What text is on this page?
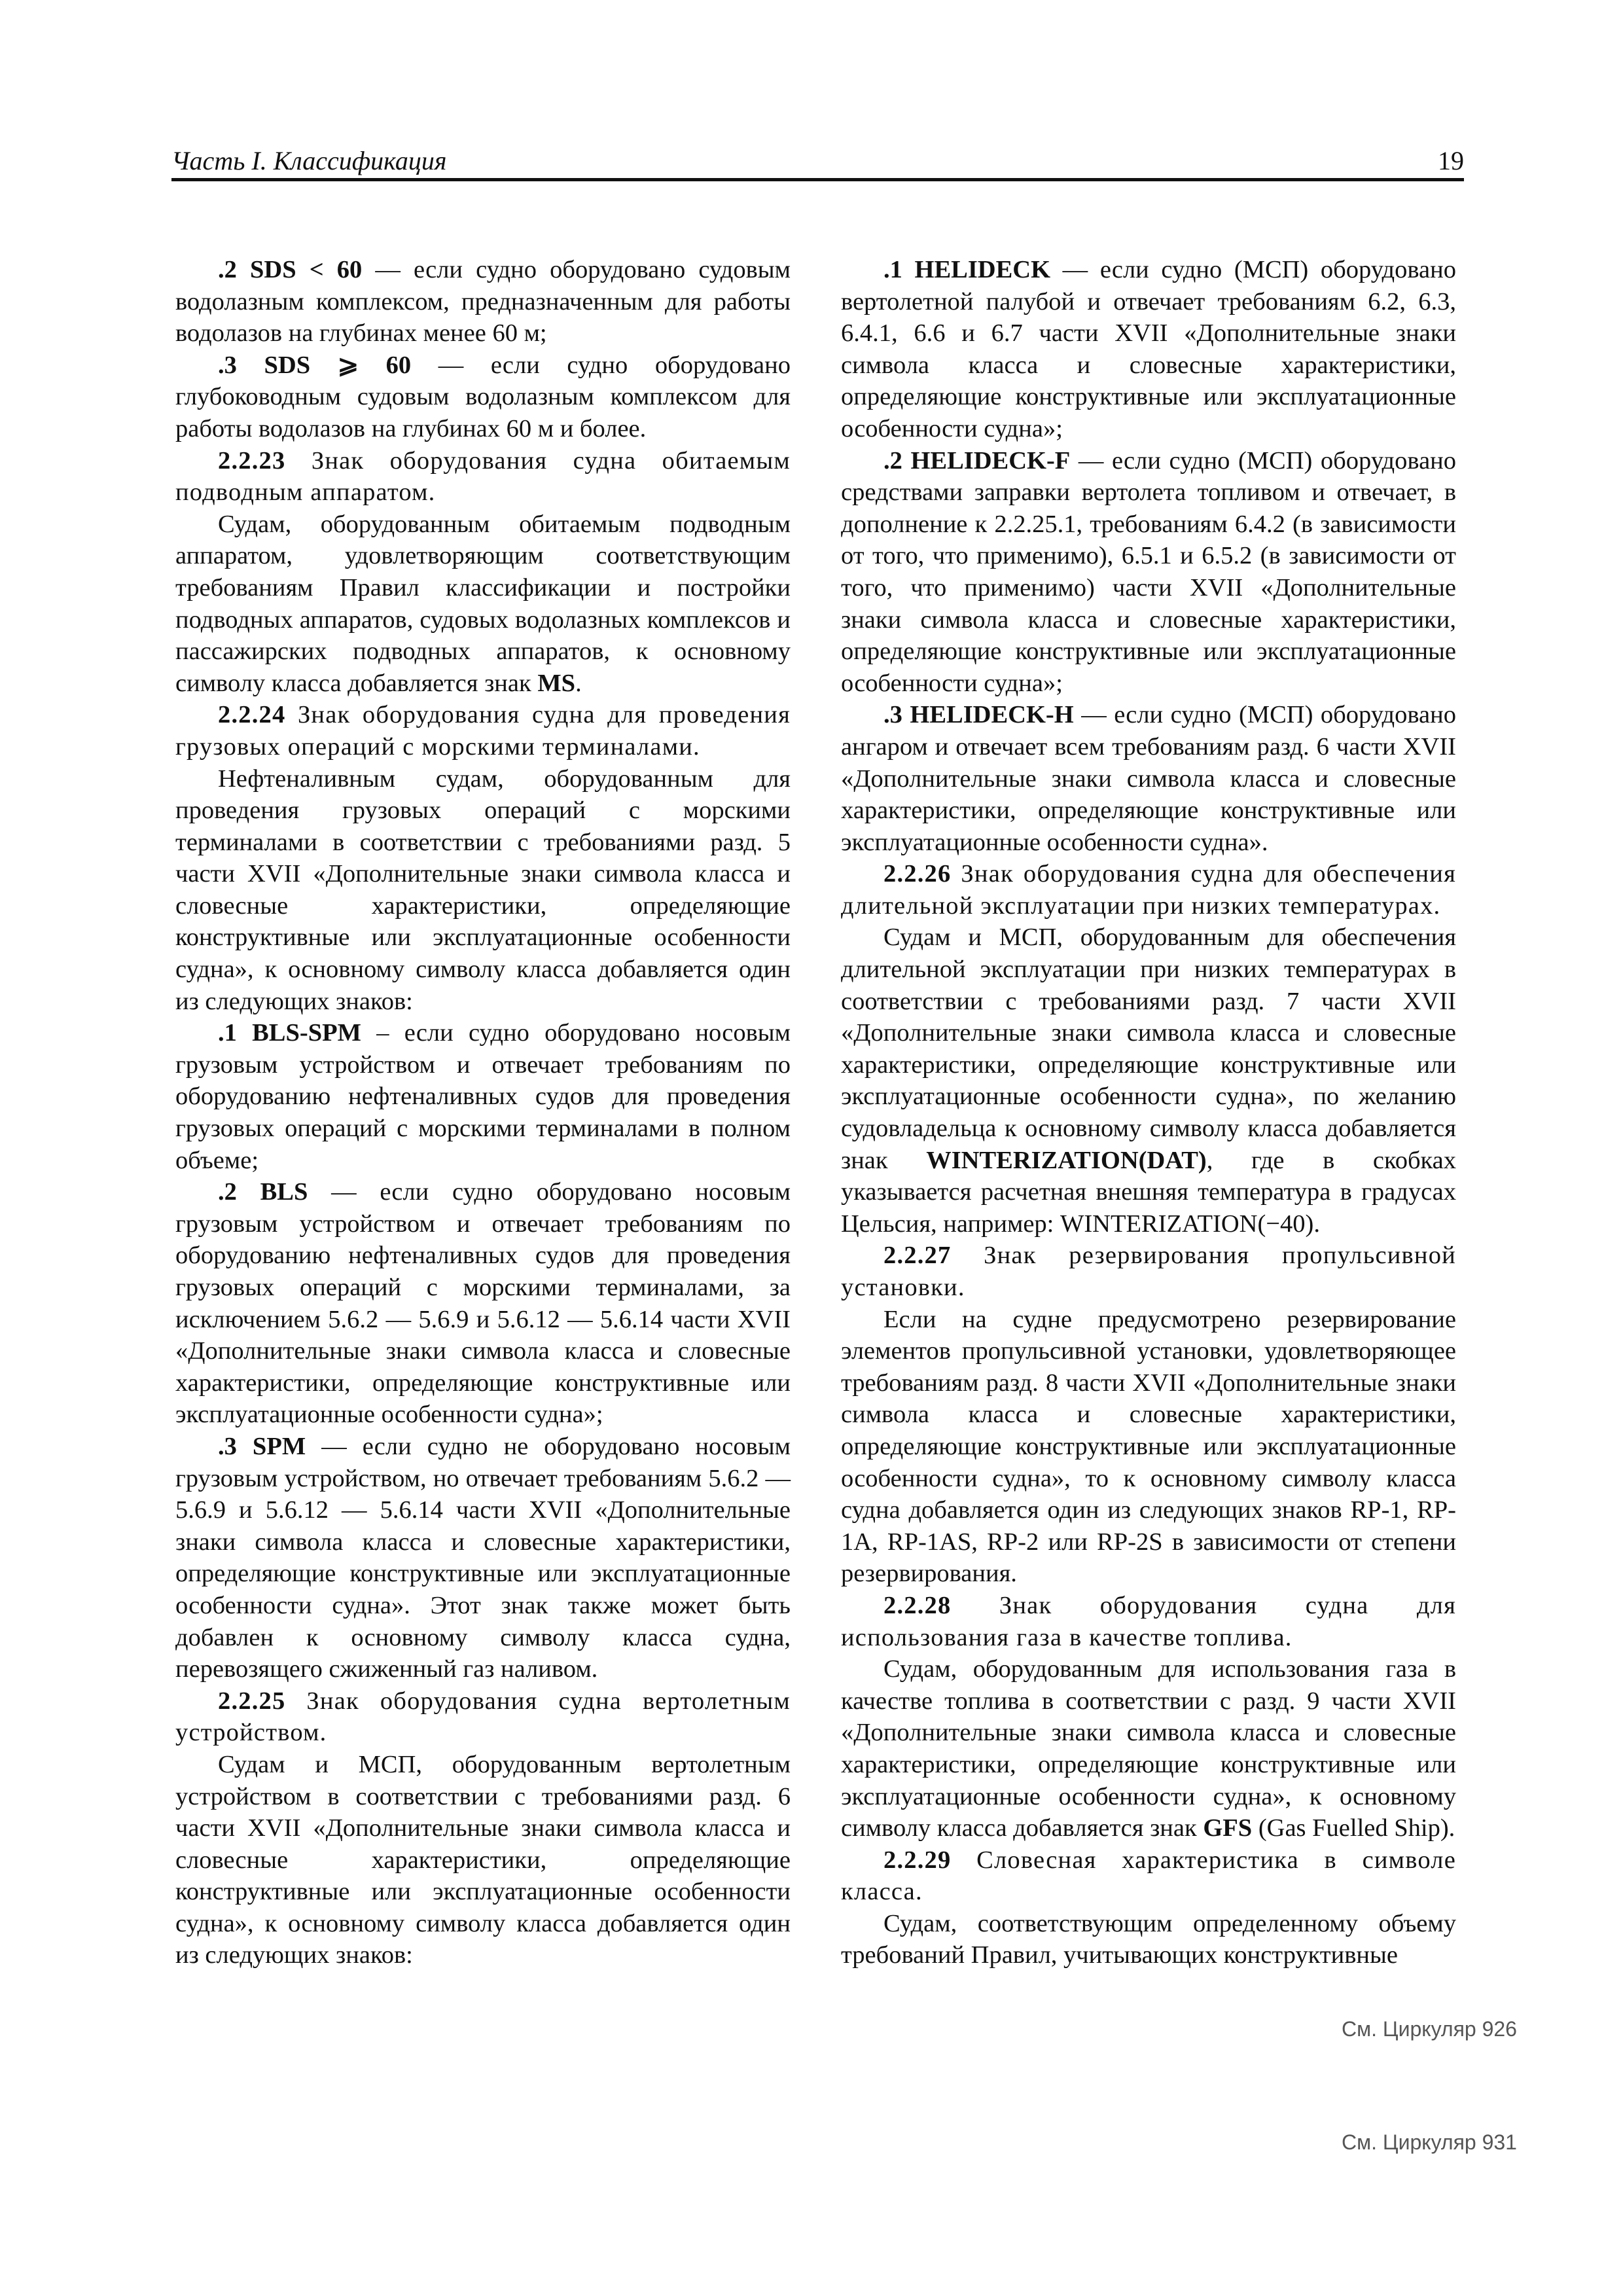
Часть I. Классификация	19

.2 SDS < 60 — если судно оборудовано судовым водолазным комплексом, предназначенным для работы водолазов на глубинах менее 60 м;

.3 SDS ⩾ 60 — если судно оборудовано глубоководным судовым водолазным комплексом для работы водолазов на глубинах 60 м и более.

2.2.23 Знак оборудования судна обитаемым подводным аппаратом.

Судам, оборудованным обитаемым подводным аппаратом, удовлетворяющим соответствующим требованиям Правил классификации и постройки подводных аппаратов, судовых водолазных комплексов и пассажирских подводных аппаратов, к основному символу класса добавляется знак MS.

2.2.24 Знак оборудования судна для проведения грузовых операций с морскими терминалами.

Нефтеналивным судам, оборудованным для проведения грузовых операций с морскими терминалами в соответствии с требованиями разд. 5 части XVII «Дополнительные знаки символа класса и словесные характеристики, определяющие конструктивные или эксплуатационные особенности судна», к основному символу класса добавляется один из следующих знаков:

.1 BLS-SPM – если судно оборудовано носовым грузовым устройством и отвечает требованиям по оборудованию нефтеналивных судов для проведения грузовых операций с морскими терминалами в полном объеме;

.2 BLS — если судно оборудовано носовым грузовым устройством и отвечает требованиям по оборудованию нефтеналивных судов для проведения грузовых операций с морскими терминалами, за исключением 5.6.2 — 5.6.9 и 5.6.12 — 5.6.14 части XVII «Дополнительные знаки символа класса и словесные характеристики, определяющие конструктивные или эксплуатационные особенности судна»;

.3 SPM — если судно не оборудовано носовым грузовым устройством, но отвечает требованиям 5.6.2 — 5.6.9 и 5.6.12 — 5.6.14 части XVII «Дополнительные знаки символа класса и словесные характеристики, определяющие конструктивные или эксплуатационные особенности судна». Этот знак также может быть добавлен к основному символу класса судна, перевозящего сжиженный газ наливом.

2.2.25 Знак оборудования судна вертолетным устройством.

Судам и МСП, оборудованным вертолетным устройством в соответствии с требованиями разд. 6 части XVII «Дополнительные знаки символа класса и словесные характеристики, определяющие конструктивные или эксплуатационные особенности судна», к основному символу класса добавляется один из следующих знаков:

.1 HELIDECK — если судно (МСП) оборудовано вертолетной палубой и отвечает требованиям 6.2, 6.3, 6.4.1, 6.6 и 6.7 части XVII «Дополнительные знаки символа класса и словесные характеристики, определяющие конструктивные или эксплуатационные особенности судна»;

.2 HELIDECK-F — если судно (МСП) оборудовано средствами заправки вертолета топливом и отвечает, в дополнение к 2.2.25.1, требованиям 6.4.2 (в зависимости от того, что применимо), 6.5.1 и 6.5.2 (в зависимости от того, что применимо) части XVII «Дополнительные знаки символа класса и словесные характеристики, определяющие конструктивные или эксплуатационные особенности судна»;

.3 HELIDECK-H — если судно (МСП) оборудовано ангаром и отвечает всем требованиям разд. 6 части XVII «Дополнительные знаки символа класса и словесные характеристики, определяющие конструктивные или эксплуатационные особенности судна».

2.2.26 Знак оборудования судна для обеспечения длительной эксплуатации при низких температурах.

Судам и МСП, оборудованным для обеспечения длительной эксплуатации при низких температурах в соответствии с требованиями разд. 7 части XVII «Дополнительные знаки символа класса и словесные характеристики, определяющие конструктивные или эксплуатационные особенности судна», по желанию судовладельца к основному символу класса добавляется знак WINTERIZATION(DAT), где в скобках указывается расчетная внешняя температура в градусах Цельсия, например: WINTERIZATION(−40).

2.2.27 Знак резервирования пропульсивной установки.

Если на судне предусмотрено резервирование элементов пропульсивной установки, удовлетворяющее требованиям разд. 8 части XVII «Дополнительные знаки символа класса и словесные характеристики, определяющие конструктивные или эксплуатационные особенности судна», то к основному символу класса судна добавляется один из следующих знаков RP-1, RP-1A, RP-1AS, RP-2 или RP-2S в зависимости от степени резервирования.

2.2.28 Знак оборудования судна для использования газа в качестве топлива.

Судам, оборудованным для использования газа в качестве топлива в соответствии с разд. 9 части XVII «Дополнительные знаки символа класса и словесные характеристики, определяющие конструктивные или эксплуатационные особенности судна», к основному символу класса добавляется знак GFS (Gas Fuelled Ship).

2.2.29 Словесная характеристика в символе класса.

Судам, соответствующим определенному объему требований Правил, учитывающих конструктивные

См. Циркуляр 926
См. Циркуляр 931
